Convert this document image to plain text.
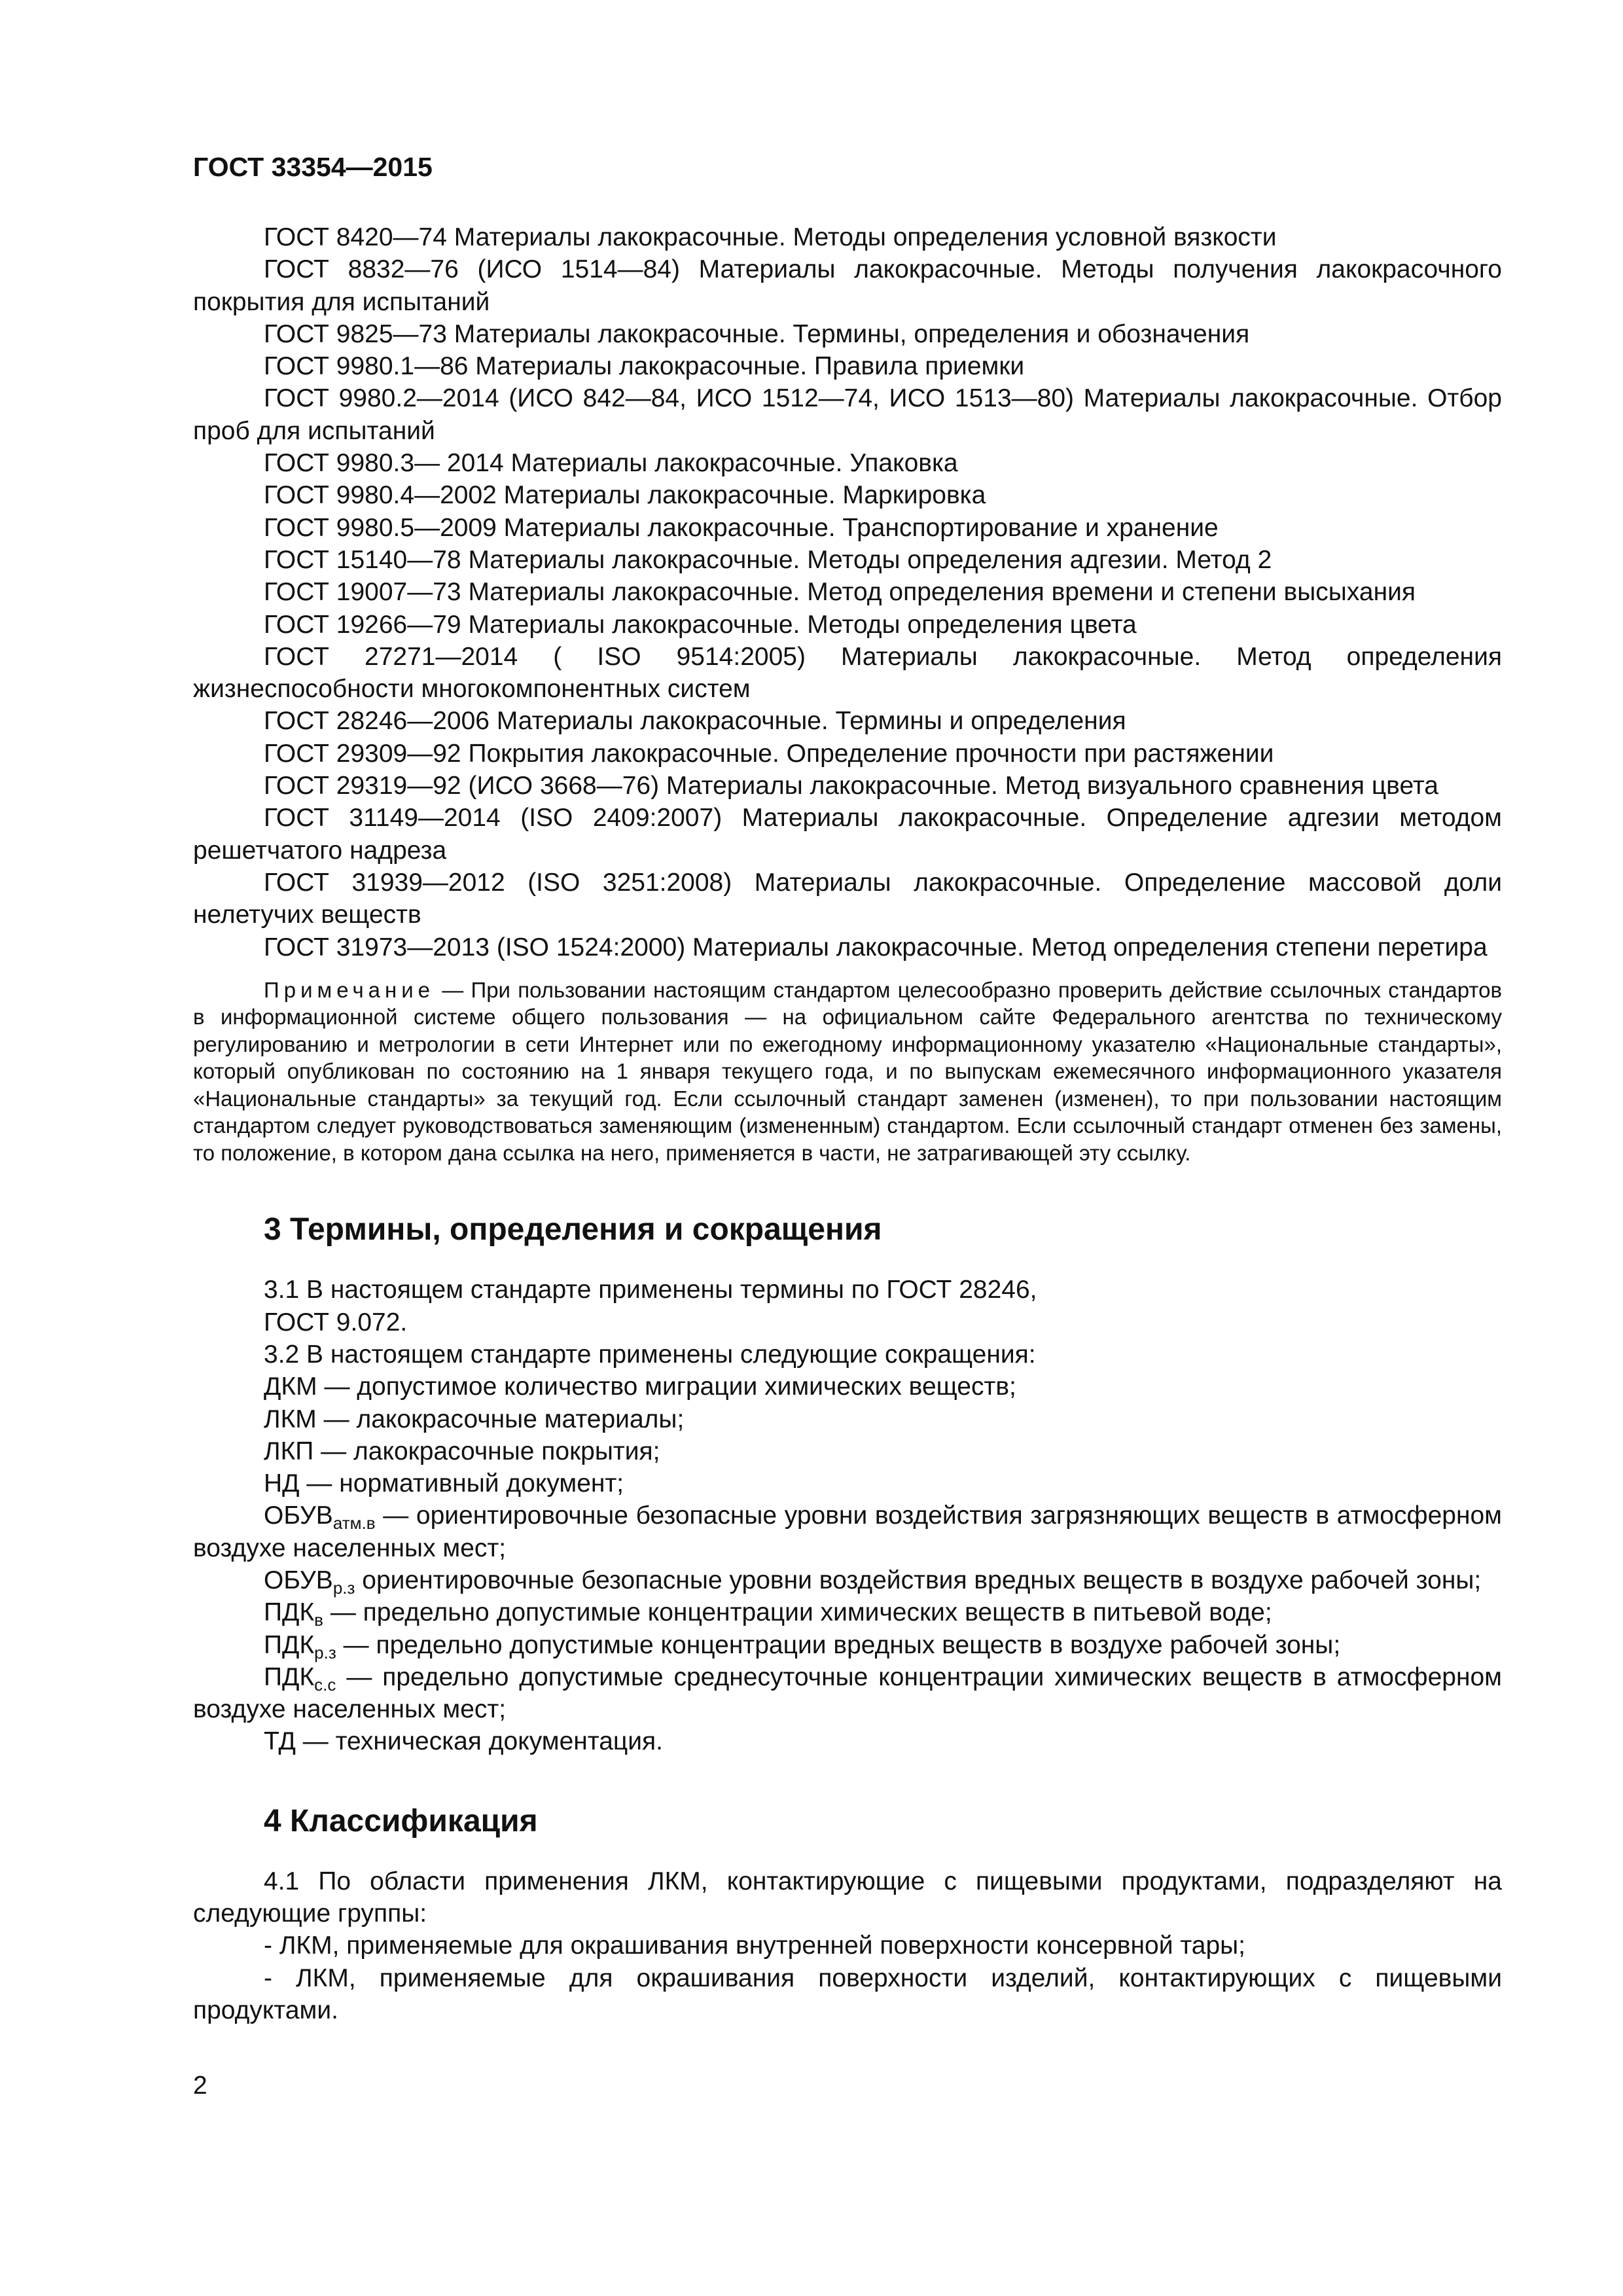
ГОСТ 33354—2015

ГОСТ 8420—74 Материалы лакокрасочные. Методы определения условной вязкости

ГОСТ 8832—76 (ИСО 1514—84) Материалы лакокрасочные. Методы получения лакокрасочного покрытия для испытаний

ГОСТ 9825—73 Материалы лакокрасочные. Термины, определения и обозначения

ГОСТ 9980.1—86 Материалы лакокрасочные. Правила приемки

ГОСТ 9980.2—2014 (ИСО 842—84, ИСО 1512—74, ИСО 1513—80) Материалы лакокрасочные. Отбор проб для испытаний

ГОСТ 9980.3— 2014 Материалы лакокрасочные. Упаковка

ГОСТ 9980.4—2002 Материалы лакокрасочные. Маркировка

ГОСТ 9980.5—2009 Материалы лакокрасочные. Транспортирование и хранение

ГОСТ 15140—78 Материалы лакокрасочные. Методы определения адгезии. Метод 2

ГОСТ 19007—73 Материалы лакокрасочные. Метод определения времени и степени высыхания

ГОСТ 19266—79 Материалы лакокрасочные. Методы определения цвета

ГОСТ 27271—2014 ( ISO 9514:2005) Материалы лакокрасочные. Метод определения жизнеспособности многокомпонентных систем

ГОСТ 28246—2006 Материалы лакокрасочные. Термины и определения

ГОСТ 29309—92 Покрытия лакокрасочные. Определение прочности при растяжении

ГОСТ 29319—92 (ИСО 3668—76) Материалы лакокрасочные. Метод визуального сравнения цвета

ГОСТ 31149—2014 (ISO 2409:2007) Материалы лакокрасочные. Определение адгезии методом решетчатого надреза

ГОСТ 31939—2012 (ISO 3251:2008) Материалы лакокрасочные. Определение массовой доли нелетучих веществ

ГОСТ 31973—2013 (ISO 1524:2000) Материалы лакокрасочные. Метод определения степени перетира

Примечание — При пользовании настоящим стандартом целесообразно проверить действие ссылочных стандартов в информационной системе общего пользования — на официальном сайте Федерального агентства по техническому регулированию и метрологии в сети Интернет или по ежегодному информационному указателю «Национальные стандарты», который опубликован по состоянию на 1 января текущего года, и по выпускам ежемесячного информационного указателя «Национальные стандарты» за текущий год. Если ссылочный стандарт заменен (изменен), то при пользовании настоящим стандартом следует руководствоваться заменяющим (измененным) стандартом. Если ссылочный стандарт отменен без замены, то положение, в котором дана ссылка на него, применяется в части, не затрагивающей эту ссылку.

3 Термины, определения и сокращения

3.1 В настоящем стандарте применены термины по ГОСТ 28246,

ГОСТ 9.072.

3.2 В настоящем стандарте применены следующие сокращения:

ДКМ — допустимое количество миграции химических веществ;

ЛКМ — лакокрасочные материалы;

ЛКП — лакокрасочные покрытия;

НД — нормативный документ;

$ОБУВ_{атм.в}$ — ориентировочные безопасные уровни воздействия загрязняющих веществ в атмосферном воздухе населенных мест;

$ОБУВ_{р.з}$ ориентировочные безопасные уровни воздействия вредных веществ в воздухе рабочей зоны;

$ПДК_в$ — предельно допустимые концентрации химических веществ в питьевой воде;

$ПДК_{р.з}$ — предельно допустимые концентрации вредных веществ в воздухе рабочей зоны;

$ПДК_{с.с}$ — предельно допустимые среднесуточные концентрации химических веществ в атмосферном воздухе населенных мест;

ТД — техническая документация.

4 Классификация

4.1 По области применения ЛКМ, контактирующие с пищевыми продуктами, подразделяют на следующие группы:

- ЛКМ, применяемые для окрашивания внутренней поверхности консервной тары;

- ЛКМ, применяемые для окрашивания поверхности изделий, контактирующих с пищевыми продуктами.

2
